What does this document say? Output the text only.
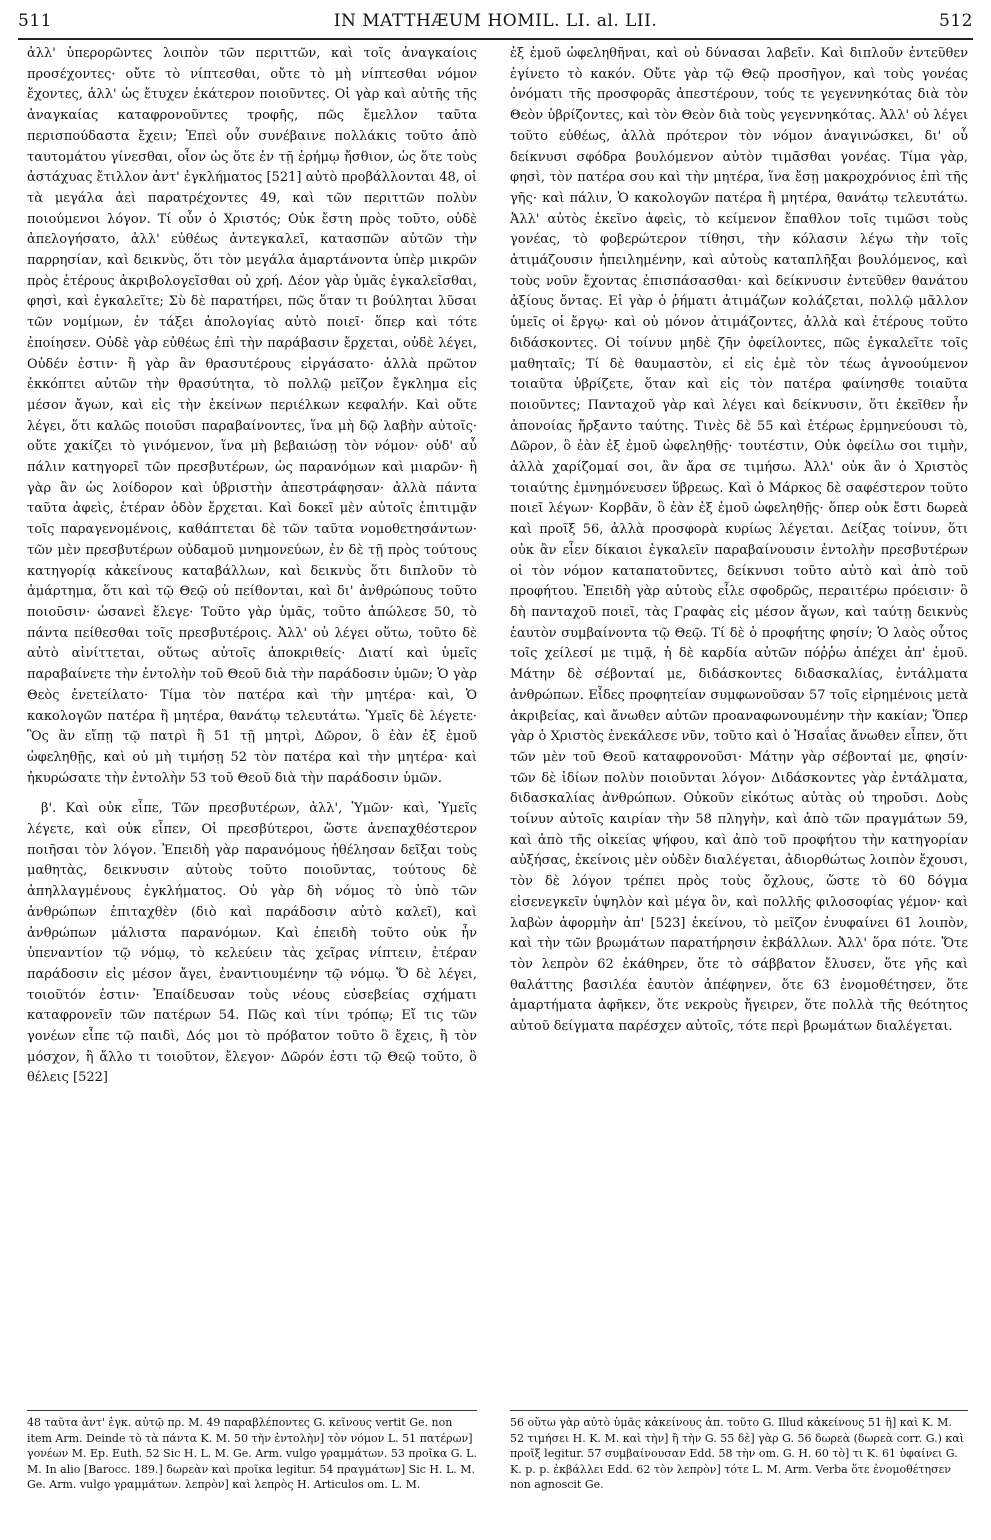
511	IN MATTHÆUM HOMIL. LI. al. LII.	512

ἀλλ' ὑπερορῶντες λοιπὸν τῶν περιττῶν, καὶ τοῖς ἀναγκαίοις προσέχοντες· οὔτε τὸ νίπτεσθαι, οὔτε τὸ μὴ νίπτεσθαι νόμον ἔχοντες, ἀλλ' ὡς ἔτυχεν ἑκάτερον ποιοῦντες. Οἱ γὰρ καὶ αὐτῆς τῆς ἀναγκαίας καταφρονοῦντες τροφῆς, πῶς ἔμελλον ταῦτα περισπούδαστα ἔχειν; Ἐπεὶ οὖν συνέβαινε πολλάκις τοῦτο ἀπὸ ταυτομάτου γίνεσθαι, οἷον ὡς ὅτε ἐν τῇ ἐρήμῳ ἤσθιον, ὡς ὅτε τοὺς ἀστάχυας ἔτιλλον ἀντ' ἐγκλήματος [521] αὐτὸ προβάλλονται 48, οἱ τὰ μεγάλα ἀεὶ παρατρέχοντες 49, καὶ τῶν περιττῶν πολὺν ποιούμενοι λόγον. Τί οὖν ὁ Χριστός; Οὐκ ἔστη πρὸς τοῦτο, οὐδὲ ἀπελογήσατο, ἀλλ' εὐθέως ἀντεγκαλεῖ, κατασπῶν αὐτῶν τὴν παρρησίαν, καὶ δεικνὺς, ὅτι τὸν μεγάλα ἁμαρτάνοντα ὑπὲρ μικρῶν πρὸς ἑτέρους ἀκριβολογεῖσθαι οὐ χρή. Δέον γὰρ ὑμᾶς ἐγκαλεῖσθαι, φησὶ, καὶ ἐγκαλεῖτε; Σὺ δὲ παρατήρει, πῶς ὅταν τι βούληται λῦσαι τῶν νομίμων, ἐν τάξει ἀπολογίας αὐτὸ ποιεῖ· ὅπερ καὶ τότε ἐποίησεν. Οὐδὲ γὰρ εὐθέως ἐπὶ τὴν παράβασιν ἔρχεται, οὐδὲ λέγει, Οὐδέν ἐστιν· ἢ γὰρ ἂν θρασυτέρους εἰργάσατο· ἀλλὰ πρῶτον ἐκκόπτει αὐτῶν τὴν θρασύτητα, τὸ πολλῷ μεῖζον ἔγκλημα εἰς μέσον ἄγων, καὶ εἰς τὴν ἐκείνων περιέλκων κεφαλήν. Καὶ οὔτε λέγει, ὅτι καλῶς ποιοῦσι παραβαίνοντες, ἵνα μὴ δῷ λαβὴν αὐτοῖς· οὔτε χακίζει τὸ γινόμενον, ἵνα μὴ βεβαιώσῃ τὸν νόμον· οὐδ' αὖ πάλιν κατηγορεῖ τῶν πρεσβυτέρων, ὡς παρανόμων καὶ μιαρῶν· ἢ γὰρ ἂν ὡς λοίδορον καὶ ὑβριστὴν ἀπεστράφησαν· ἀλλὰ πάντα ταῦτα ἀφεὶς, ἑτέραν ὁδὸν ἔρχεται. Καὶ δοκεῖ μὲν αὐτοῖς ἐπιτιμᾷν τοῖς παραγενομένοις, καθάπτεται δὲ τῶν ταῦτα νομοθετησάντων· τῶν μὲν πρεσβυτέρων οὐδαμοῦ μνημονεύων, ἐν δὲ τῇ πρὸς τούτους κατηγορίᾳ κἀκείνους καταβάλλων, καὶ δεικνὺς ὅτι διπλοῦν τὸ ἁμάρτημα, ὅτι καὶ τῷ Θεῷ οὐ πείθονται, καὶ δι' ἀνθρώπους τοῦτο ποιοῦσιν· ὡσανεὶ ἔλεγε· Τοῦτο γὰρ ὑμᾶς, τοῦτο ἀπώλεσε 50, τὸ πάντα πείθεσθαι τοῖς πρεσβυτέροις. Ἀλλ' οὐ λέγει οὕτω, τοῦτο δὲ αὐτὸ αἰνίττεται, οὕτως αὐτοῖς ἀποκριθείς· Διατί καὶ ὑμεῖς παραβαίνετε τὴν ἐντολὴν τοῦ Θεοῦ διὰ τὴν παράδοσιν ὑμῶν; Ὁ γὰρ Θεὸς ἐνετείλατο· Τίμα τὸν πατέρα καὶ τὴν μητέρα· καὶ, Ὁ κακολογῶν πατέρα ἢ μητέρα, θανάτῳ τελευτάτω. Ὑμεῖς δὲ λέγετε· Ὃς ἂν εἴπῃ τῷ πατρὶ ἢ 51 τῇ μητρὶ, Δῶρον, ὃ ἐὰν ἐξ ἐμοῦ ὠφεληθῇς, καὶ οὐ μὴ τιμήσῃ 52 τὸν πατέρα καὶ τὴν μητέρα· καὶ ἠκυρώσατε τὴν ἐντολὴν 53 τοῦ Θεοῦ διὰ τὴν παράδοσιν ὑμῶν.

β'. Καὶ οὐκ εἶπε, Τῶν πρεσβυτέρων, ἀλλ', Ὑμῶν· καὶ, Ὑμεῖς λέγετε, καὶ οὐκ εἶπεν, Οἱ πρεσβύτεροι, ὥστε ἀνεπαχθέστερον ποιῆσαι τὸν λόγον. Ἐπειδὴ γὰρ παρανόμους ἠθέλησαν δεῖξαι τοὺς μαθητὰς, δεικνυσιν αὐτοὺς τοῦτο ποιοῦντας, τούτους δὲ ἀπηλλαγμένους ἐγκλήματος. Οὐ γὰρ δὴ νόμος τὸ ὑπὸ τῶν ἀνθρώπων ἐπιταχθὲν (διὸ καὶ παράδοσιν αὐτὸ καλεῖ), καὶ ἀνθρώπων μάλιστα παρανόμων. Καὶ ἐπειδὴ τοῦτο οὐκ ἦν ὑπεναντίον τῷ νόμῳ, τὸ κελεύειν τὰς χεῖρας νίπτειν, ἑτέραν παράδοσιν εἰς μέσον ἄγει, ἐναντιουμένην τῷ νόμῳ. Ὅ δὲ λέγει, τοιοῦτόν ἐστιν· Ἐπαίδευσαν τοὺς νέους εὐσεβείας σχήματι καταφρονεῖν τῶν πατέρων 54. Πῶς καὶ τίνι τρόπῳ; Εἴ τις τῶν γονέων εἶπε τῷ παιδὶ, Δός μοι τὸ πρόβατον τοῦτο ὃ ἔχεις, ἢ τὸν μόσχον, ἢ ἄλλο τι τοιοῦτον, ἔλεγον· Δῶρόν ἐστι τῷ Θεῷ τοῦτο, ὃ θέλεις [522]

ἐξ ἐμοῦ ὠφεληθῆναι, καὶ οὐ δύνασαι λαβεῖν. Καὶ διπλοῦν ἐντεῦθεν ἐγίνετο τὸ κακόν. Οὔτε γὰρ τῷ Θεῷ προσῆγον, καὶ τοὺς γονέας ὀνόματι τῆς προσφορᾶς ἀπεστέρουν, τούς τε γεγεννηκότας διὰ τὸν Θεὸν ὑβρίζοντες, καὶ τὸν Θεὸν διὰ τοὺς γεγεννηκότας. Ἀλλ' οὐ λέγει τοῦτο εὐθέως, ἀλλὰ πρότερον τὸν νόμον ἀναγινώσκει, δι' οὗ δείκνυσι σφόδρα βουλόμενον αὐτὸν τιμᾶσθαι γονέας. Τίμα γὰρ, φησὶ, τὸν πατέρα σου καὶ τὴν μητέρα, ἵνα ἔσῃ μακροχρόνιος ἐπὶ τῆς γῆς· καὶ πάλιν, Ὁ κακολογῶν πατέρα ἢ μητέρα, θανάτῳ τελευτάτω. Ἀλλ' αὐτὸς ἐκεῖνο ἀφεὶς, τὸ κείμενον ἔπαθλον τοῖς τιμῶσι τοὺς γονέας, τὸ φοβερώτερον τίθησι, τὴν κόλασιν λέγω τὴν τοῖς ἀτιμάζουσιν ἠπειλημένην, καὶ αὐτοὺς καταπλῆξαι βουλόμενος, καὶ τοὺς νοῦν ἔχοντας ἐπισπάσασθαι· καὶ δείκνυσιν ἐντεῦθεν θανάτου ἀξίους ὄντας. Εἰ γὰρ ὁ ῥήματι ἀτιμάζων κολάζεται, πολλῷ μᾶλλον ὑμεῖς οἱ ἔργῳ· καὶ οὐ μόνον ἀτιμάζοντες, ἀλλὰ καὶ ἑτέρους τοῦτο διδάσκοντες. Οἱ τοίνυν μηδὲ ζῆν ὀφείλοντες, πῶς ἐγκαλεῖτε τοῖς μαθηταῖς; Τί δὲ θαυμαστὸν, εἰ εἰς ἐμὲ τὸν τέως ἀγνοούμενον τοιαῦτα ὑβρίζετε, ὅταν καὶ εἰς τὸν πατέρα φαίνησθε τοιαῦτα ποιοῦντες; Πανταχοῦ γὰρ καὶ λέγει καὶ δείκνυσιν, ὅτι ἐκεῖθεν ἦν ἀπονοίας ἤρξαντο ταύτης. Τινὲς δὲ 55 καὶ ἑτέρως ἑρμηνεύουσι τὸ, Δῶρον, ὃ ἐὰν ἐξ ἐμοῦ ὠφεληθῇς· τουτέστιν, Οὐκ ὀφείλω σοι τιμὴν, ἀλλὰ χαρίζομαί σοι, ἂν ἄρα σε τιμήσω. Ἀλλ' οὐκ ἂν ὁ Χριστὸς τοιαύτης ἐμνημόνευσεν ὕβρεως. Καὶ ὁ Μάρκος δὲ σαφέστερον τοῦτο ποιεῖ λέγων· Κορβᾶν, ὃ ἐὰν ἐξ ἐμοῦ ὠφεληθῇς· ὅπερ οὐκ ἔστι δωρεὰ καὶ προῖξ 56, ἀλλὰ προσφορὰ κυρίως λέγεται. Δείξας τοίνυν, ὅτι οὐκ ἂν εἶεν δίκαιοι ἐγκαλεῖν παραβαίνουσιν ἐντολὴν πρεσβυτέρων οἱ τὸν νόμον καταπατοῦντες, δείκνυσι τοῦτο αὐτὸ καὶ ἀπὸ τοῦ προφήτου. Ἐπειδὴ γὰρ αὐτοὺς εἷλε σφοδρῶς, περαιτέρω πρόεισιν· ὃ δὴ πανταχοῦ ποιεῖ, τὰς Γραφὰς εἰς μέσον ἄγων, καὶ ταύτῃ δεικνὺς ἑαυτὸν συμβαίνοντα τῷ Θεῷ. Τί δὲ ὁ προφήτης φησίν; Ὁ λαὸς οὗτος τοῖς χείλεσί με τιμᾷ, ἡ δὲ καρδία αὐτῶν πόῤῥω ἀπέχει ἀπ' ἐμοῦ. Μάτην δὲ σέβονταί με, διδάσκοντες διδασκαλίας, ἐντάλματα ἀνθρώπων. Εἶδες προφητείαν συμφωνοῦσαν 57 τοῖς εἰρημένοις μετὰ ἀκριβείας, καὶ ἄνωθεν αὐτῶν προαναφωνουμένην τὴν κακίαν; Ὅπερ γὰρ ὁ Χριστὸς ἐνεκάλεσε νῦν, τοῦτο καὶ ὁ Ἡσαΐας ἄνωθεν εἶπεν, ὅτι τῶν μὲν τοῦ Θεοῦ καταφρονοῦσι· Μάτην γὰρ σέβονταί με, φησίν· τῶν δὲ ἰδίων πολὺν ποιοῦνται λόγον· Διδάσκοντες γὰρ ἐντάλματα, διδασκαλίας ἀνθρώπων. Οὐκοῦν εἰκότως αὐτὰς οὐ τηροῦσι. Δοὺς τοίνυν αὐτοῖς καιρίαν τὴν 58 πληγὴν, καὶ ἀπὸ τῶν πραγμάτων 59, καὶ ἀπὸ τῆς οἰκείας ψήφου, καὶ ἀπὸ τοῦ προφήτου τὴν κατηγορίαν αὐξήσας, ἐκείνοις μὲν οὐδὲν διαλέγεται, ἀδιορθώτως λοιπὸν ἔχουσι, τὸν δὲ λόγον τρέπει πρὸς τοὺς ὄχλους, ὥστε τὸ 60 δόγμα εἰσενεγκεῖν ὑψηλὸν καὶ μέγα ὂν, καὶ πολλῆς φιλοσοφίας γέμον· καὶ λαβὼν ἀφορμὴν ἀπ' [523] ἐκείνου, τὸ μεῖζον ἐνυφαίνει 61 λοιπὸν, καὶ τὴν τῶν βρωμάτων παρατήρησιν ἐκβάλλων. Ἀλλ' ὅρα πότε. Ὅτε τὸν λεπρὸν 62 ἐκάθηρεν, ὅτε τὸ σάββατον ἔλυσεν, ὅτε γῆς καὶ θαλάττης βασιλέα ἑαυτὸν ἀπέφηνεν, ὅτε 63 ἐνομοθέτησεν, ὅτε ἁμαρτήματα ἀφῆκεν, ὅτε νεκροὺς ἤγειρεν, ὅτε πολλὰ τῆς θεότητος αὐτοῦ δείγματα παρέσχεν αὐτοῖς, τότε περὶ βρωμάτων διαλέγεται.

48 ταῦτα ἀντ' ἐγκ. αὐτῷ πρ. M. 49 παραβλέποντες G. κεῖνους vertit Ge. non item Arm. Deinde τὸ τὰ πάντα K. M. 50 τὴν ἐντολὴν] τὸν νόμον L. 51 πατέρων] γονέων M. Ep. Euth. 52 Sic H. L. M. Ge. Arm. vulgo γραμμάτων. 53 προῖκα G. L. M. In alio [Barocc. 189.] δωρεὰν καὶ προῖκα legitur. 54 πραγμάτων] Sic H. L. M. Ge. Arm. vulgo γραμμάτων. λεπρὸν] καὶ λεπρὸς H. Articulos om. L. M.
56 οὕτω γὰρ αὐτὸ ὑμᾶς κἀκείνους ἀπ. τοῦτο G. Illud κἀκείνους 51 ἢ] καὶ K. M. 52 τιμήσει H. K. M. καὶ τὴν] ἢ τὴν G. 55 δὲ] γὰρ G. 56 δωρεὰ (δωρεὰ corr. G.) καὶ προῖξ legitur. 57 συμβαίνουσαν Edd. 58 τὴν om. G. H. 60 τὸ] τι K. 61 ὑφαίνει G. K. p. p. ἐκβάλλει Edd. 62 τὸν λεπρὸν] τότε L. M. Arm. Verba ὅτε ἐνομοθέτησεν non agnoscit Ge.
